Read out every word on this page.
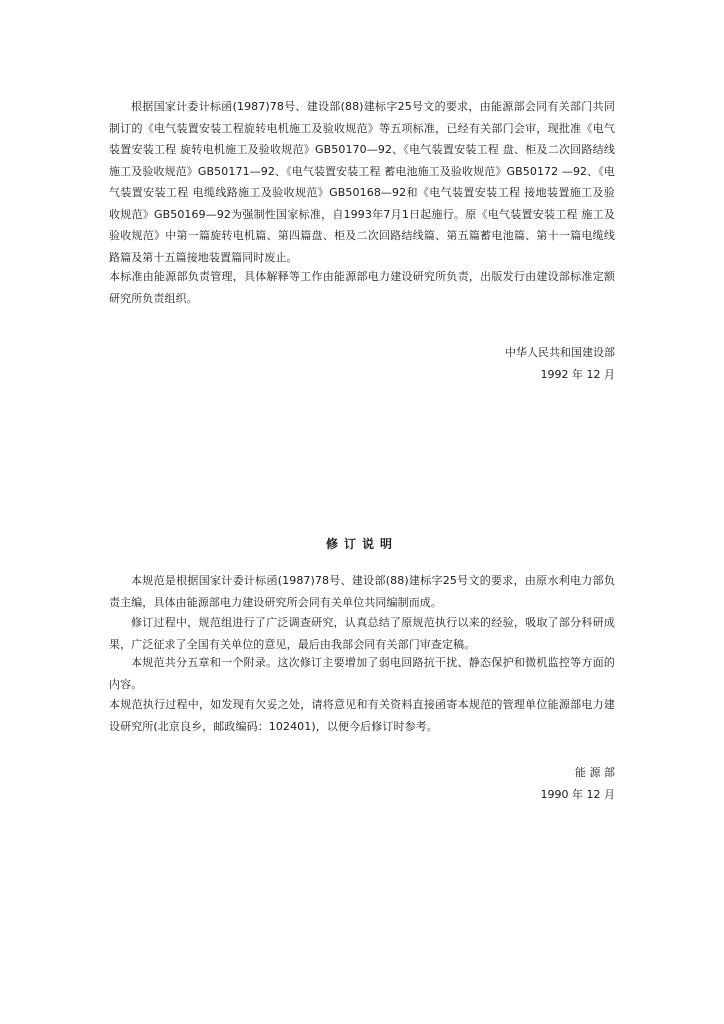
根据国家计委计标函(1987)78号、建设部(88)建标字25号文的要求，由能源部会同有关部门共同制订的《电气装置安装工程旋转电机施工及验收规范》等五项标准，已经有关部门会审，现批准《电气装置安装工程 旋转电机施工及验收规范》GB50170—92、《电气装置安装工程 盘、柜及二次回路结线施工及验收规范》GB50171—92、《电气装置安装工程 蓄电池施工及验收规范》GB50172 —92、《电气装置安装工程 电缆线路施工及验收规范》GB50168—92和《电气装置安装工程 接地装置施工及验收规范》GB50169—92为强制性国家标准，自1993年7月1日起施行。原《电气装置安装工程 施工及验收规范》中第一篇旋转电机篇、第四篇盘、柜及二次回路结线篇、第五篇蓄电池篇、第十一篇电缆线路篇及第十五篇接地装置篇同时废止。

本标准由能源部负责管理，具体解释等工作由能源部电力建设研究所负责，出版发行由建设部标准定额研究所负责组织。

中华人民共和国建设部

1992 年 12 月

修订说明

本规范是根据国家计委计标函(1987)78号、建设部(88)建标字25号文的要求，由原水利电力部负责主编，具体由能源部电力建设研究所会同有关单位共同编制而成。

修订过程中，规范组进行了广泛调查研究，认真总结了原规范执行以来的经验，吸取了部分科研成果，广泛征求了全国有关单位的意见，最后由我部会同有关部门审查定稿。

本规范共分五章和一个附录。这次修订主要增加了弱电回路抗干扰、静态保护和微机监控等方面的内容。

本规范执行过程中，如发现有欠妥之处，请将意见和有关资料直接函寄本规范的管理单位能源部电力建设研究所(北京良乡，邮政编码：102401)，以便今后修订时参考。

能 源 部

1990 年 12 月
